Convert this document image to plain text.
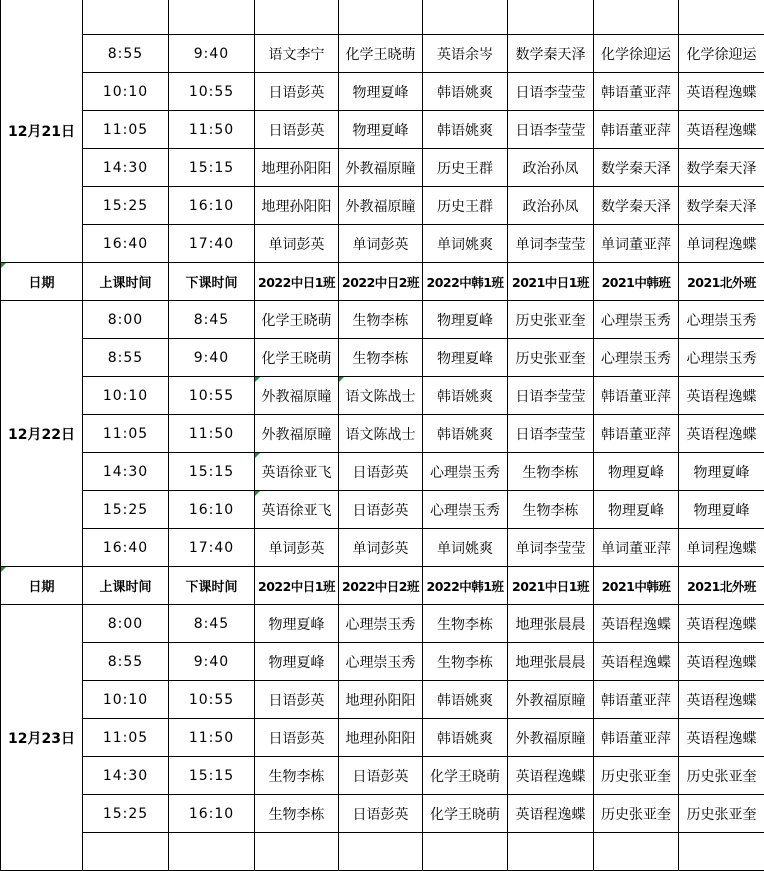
12月21日								
	8:55	9:40	语文李宁	化学王晓萌	英语余岑	数学秦天泽	化学徐迎运	化学徐迎运
	10:10	10:55	日语彭英	物理夏峰	韩语姚爽	日语李莹莹	韩语董亚萍	英语程逸蝶
	11:05	11:50	日语彭英	物理夏峰	韩语姚爽	日语李莹莹	韩语董亚萍	英语程逸蝶
	14:30	15:15	地理孙阳阳	外教福原瞳	历史王群	政治孙凤	数学秦天泽	数学秦天泽
	15:25	16:10	地理孙阳阳	外教福原瞳	历史王群	政治孙凤	数学秦天泽	数学秦天泽
	16:40	17:40	单词彭英	单词彭英	单词姚爽	单词李莹莹	单词董亚萍	单词程逸蝶
日期	上课时间	下课时间	2022中日1班	2022中日2班	2022中韩1班	2021中日1班	2021中韩班	2021北外班
12月22日	8:00	8:45	化学王晓萌	生物李栋	物理夏峰	历史张亚奎	心理崇玉秀	心理崇玉秀
	8:55	9:40	化学王晓萌	生物李栋	物理夏峰	历史张亚奎	心理崇玉秀	心理崇玉秀
	10:10	10:55	外教福原瞳	语文陈战士	韩语姚爽	日语李莹莹	韩语董亚萍	英语程逸蝶
	11:05	11:50	外教福原瞳	语文陈战士	韩语姚爽	日语李莹莹	韩语董亚萍	英语程逸蝶
	14:30	15:15	英语徐亚飞	日语彭英	心理崇玉秀	生物李栋	物理夏峰	物理夏峰
	15:25	16:10	英语徐亚飞	日语彭英	心理崇玉秀	生物李栋	物理夏峰	物理夏峰
	16:40	17:40	单词彭英	单词彭英	单词姚爽	单词李莹莹	单词董亚萍	单词程逸蝶
日期	上课时间	下课时间	2022中日1班	2022中日2班	2022中韩1班	2021中日1班	2021中韩班	2021北外班
12月23日	8:00	8:45	物理夏峰	心理崇玉秀	生物李栋	地理张晨晨	英语程逸蝶	英语程逸蝶
	8:55	9:40	物理夏峰	心理崇玉秀	生物李栋	地理张晨晨	英语程逸蝶	英语程逸蝶
	10:10	10:55	日语彭英	地理孙阳阳	韩语姚爽	外教福原瞳	韩语董亚萍	英语程逸蝶
	11:05	11:50	日语彭英	地理孙阳阳	韩语姚爽	外教福原瞳	韩语董亚萍	英语程逸蝶
	14:30	15:15	生物李栋	日语彭英	化学王晓萌	英语程逸蝶	历史张亚奎	历史张亚奎
	15:25	16:10	生物李栋	日语彭英	化学王晓萌	英语程逸蝶	历史张亚奎	历史张亚奎
